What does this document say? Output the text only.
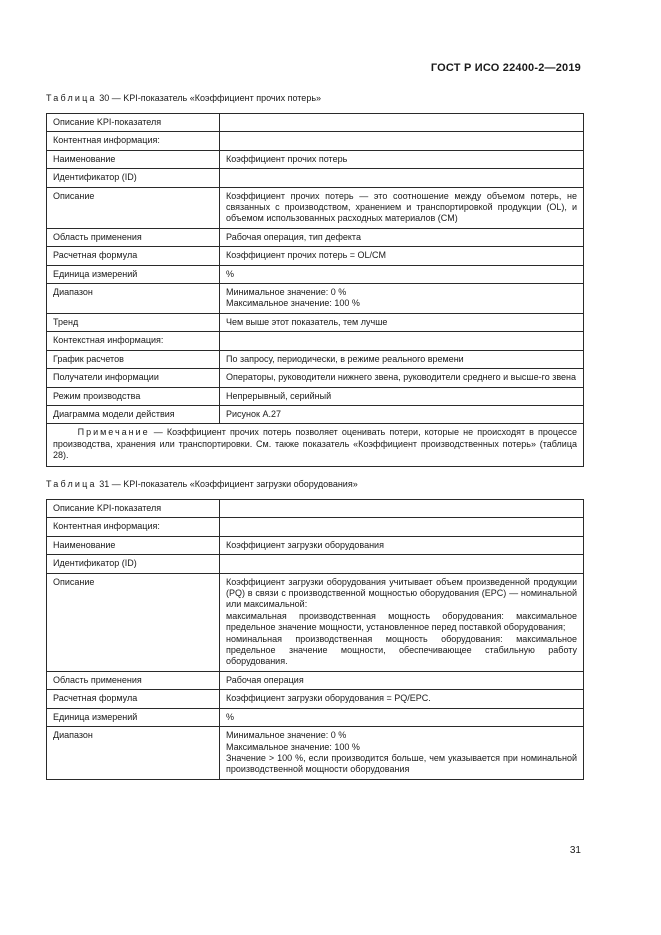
ГОСТ Р ИСО 22400-2—2019
Таблица 30 — KPI-показатель «Коэффициент прочих потерь»
Описание KPI-показателя	

Контентная информация:	

Наименование	Коэффициент прочих потерь

Идентификатор (ID)	

Описание	Коэффициент прочих потерь — это соотношение между объемом потерь, не связанных с производством, хранением и транспортировкой продукции (OL), и объемом использованных расходных материалов (CM)

Область применения	Рабочая операция, тип дефекта

Расчетная формула	Коэффициент прочих потерь = OL/CM

Единица измерений	%

Диапазон	Минимальное значение: 0 %
Максимальное значение: 100 %

Тренд	Чем выше этот показатель, тем лучше

Контекстная информация:	

График расчетов	По запросу, периодически, в режиме реального времени

Получатели информации	Операторы, руководители нижнего звена, руководители среднего и высше-го звена

Режим производства	Непрерывный, серийный

Диаграмма модели действия	Рисунок А.27

Примечание — Коэффициент прочих потерь позволяет оценивать потери, которые не происходят в процессе производства, хранения или транспортировки. См. также показатель «Коэффициент производственных потерь» (таблица 28).	
Таблица 31 — KPI-показатель «Коэффициент загрузки оборудования»
Описание KPI-показателя	

Контентная информация:	

Наименование	Коэффициент загрузки оборудования

Идентификатор (ID)	

Описание	Коэффициент загрузки оборудования учитывает объем произведенной продукции (PQ) в связи с производственной мощностью оборудования (EPC) — номинальной или максимальной:
максимальная производственная мощность оборудования: максимальное предельное значение мощности, установленное перед поставкой оборудования;
номинальная производственная мощность оборудования: максимальное предельное значение мощности, обеспечивающее стабильную работу оборудования.

Область применения	Рабочая операция

Расчетная формула	Коэффициент загрузки оборудования = PQ/EPC.

Единица измерений	%

Диапазон	Минимальное значение: 0 %
Максимальное значение: 100 %
Значение > 100 %, если производится больше, чем указывается при номинальной производственной мощности оборудования
31
